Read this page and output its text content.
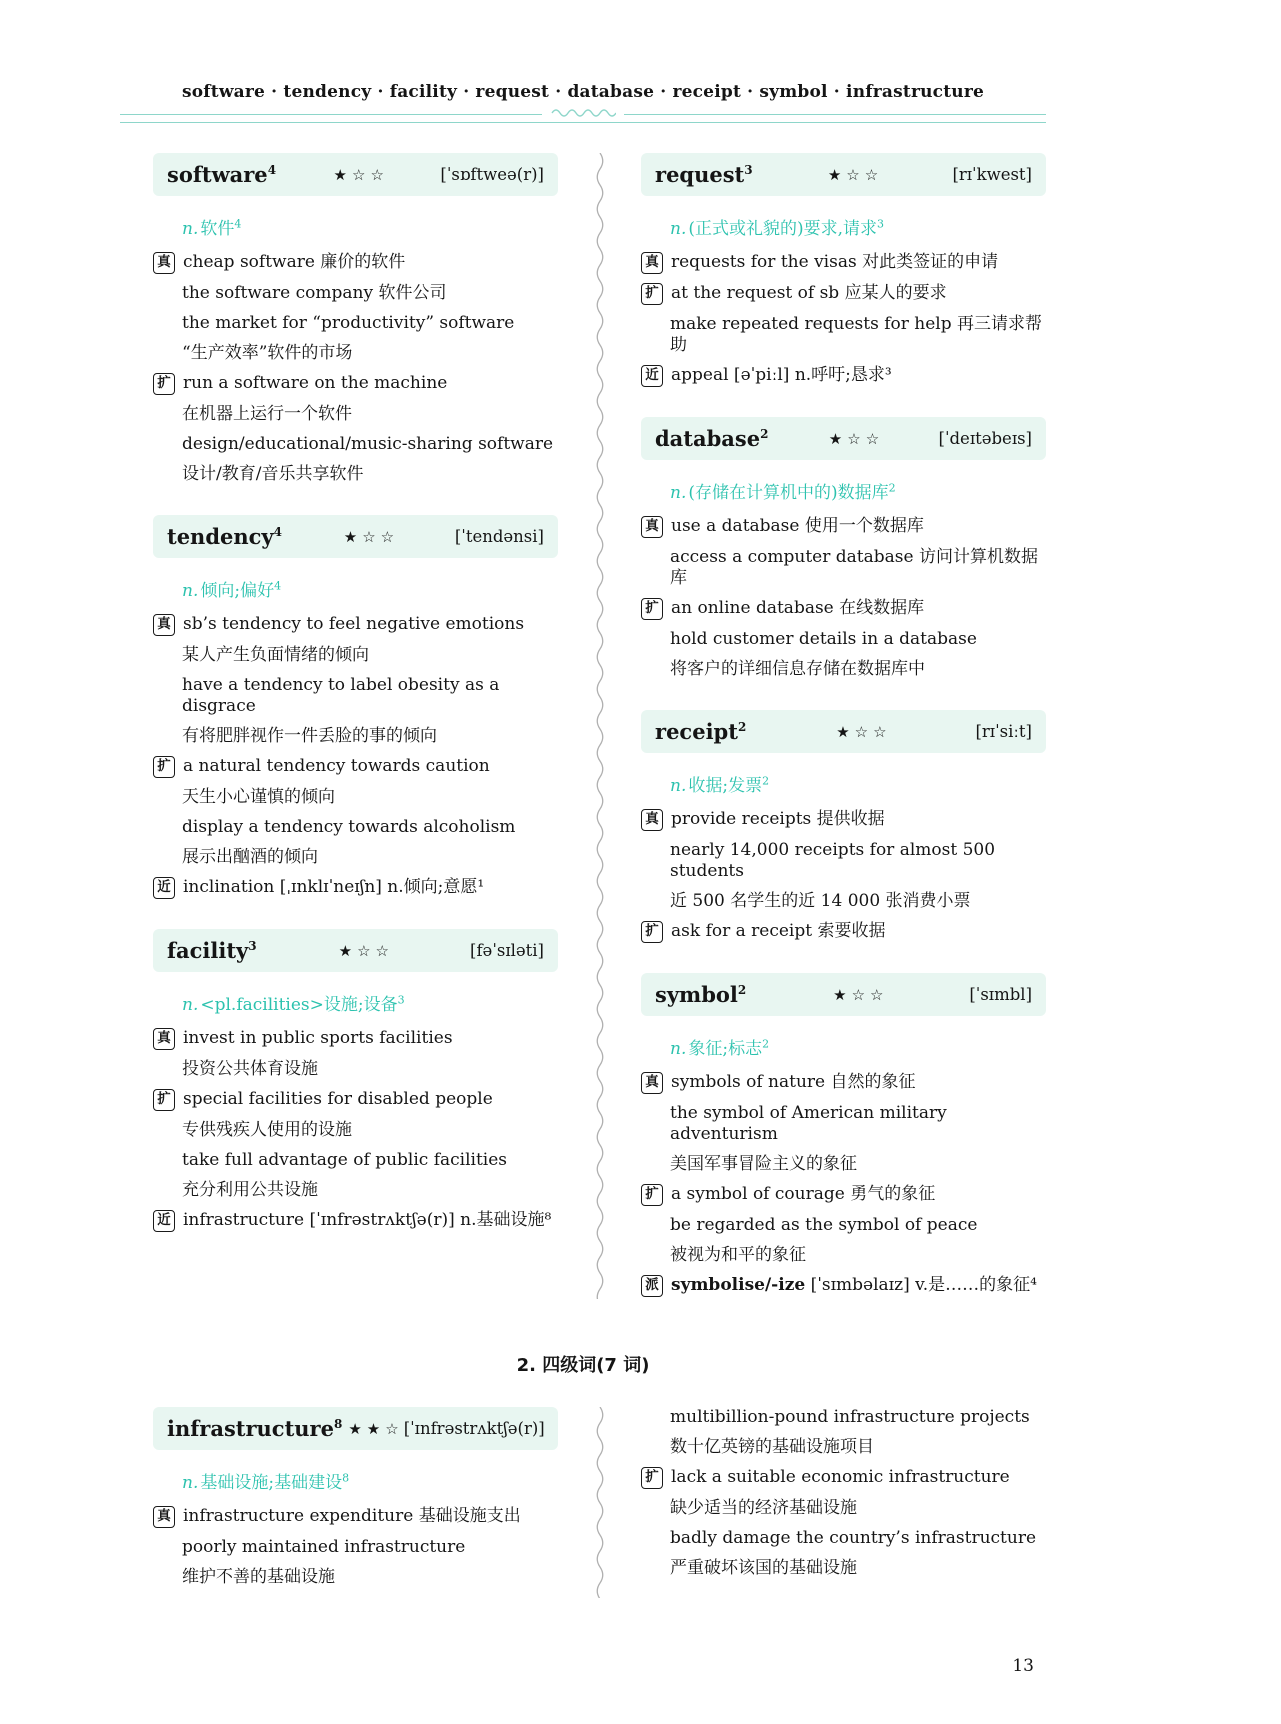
software · tendency · facility · request · database · receipt · symbol · infrastructure
software$^4$	★☆☆	[ˈsɒftweə(r)]
n. 软件$^4$
真 cheap software 廉价的软件
the software company 软件公司
the market for “productivity” software
“生产效率”软件的市场
扩 run a software on the machine
在机器上运行一个软件
design/educational/music-sharing software
设计/教育/音乐共享软件
tendency$^4$	★☆☆	[ˈtendənsi]
n. 倾向;偏好$^4$
真 sb’s tendency to feel negative emotions
某人产生负面情绪的倾向
have a tendency to label obesity as a disgrace
有将肥胖视作一件丢脸的事的倾向
扩 a natural tendency towards caution
天生小心谨慎的倾向
display a tendency towards alcoholism
展示出酗酒的倾向
近 inclination [ˌɪnklɪˈneɪʃn] n.倾向;意愿¹
facility$^3$	★☆☆	[fəˈsɪləti]
n. <pl.facilities>设施;设备$^3$
真 invest in public sports facilities
投资公共体育设施
扩 special facilities for disabled people
专供残疾人使用的设施
take full advantage of public facilities
充分利用公共设施
近 infrastructure [ˈɪnfrəstrʌktʃə(r)] n.基础设施⁸
request$^3$	★☆☆	[rɪˈkwest]
n. (正式或礼貌的)要求,请求$^3$
真 requests for the visas 对此类签证的申请
扩 at the request of sb 应某人的要求
make repeated requests for help 再三请求帮助
近 appeal [əˈpiːl] n.呼吁;恳求³
database$^2$	★☆☆	[ˈdeɪtəbeɪs]
n. (存储在计算机中的)数据库$^2$
真 use a database 使用一个数据库
access a computer database 访问计算机数据库
扩 an online database 在线数据库
hold customer details in a database
将客户的详细信息存储在数据库中
receipt$^2$	★☆☆	[rɪˈsiːt]
n. 收据;发票$^2$
真 provide receipts 提供收据
nearly 14,000 receipts for almost 500 students
近 500 名学生的近 14 000 张消费小票
扩 ask for a receipt 索要收据
symbol$^2$	★☆☆	[ˈsɪmbl]
n. 象征;标志$^2$
真 symbols of nature 自然的象征
the symbol of American military adventurism
美国军事冒险主义的象征
扩 a symbol of courage 勇气的象征
be regarded as the symbol of peace
被视为和平的象征
派 symbolise/-ize [ˈsɪmbəlaɪz] v.是……的象征⁴
2. 四级词(7 词)
infrastructure$^8$ ★★☆ [ˈɪnfrəstrʌktʃə(r)]
n. 基础设施;基础建设$^8$
真 infrastructure expenditure 基础设施支出
poorly maintained infrastructure
维护不善的基础设施
multibillion-pound infrastructure projects
数十亿英镑的基础设施项目
扩 lack a suitable economic infrastructure
缺少适当的经济基础设施
badly damage the country’s infrastructure
严重破坏该国的基础设施
13
